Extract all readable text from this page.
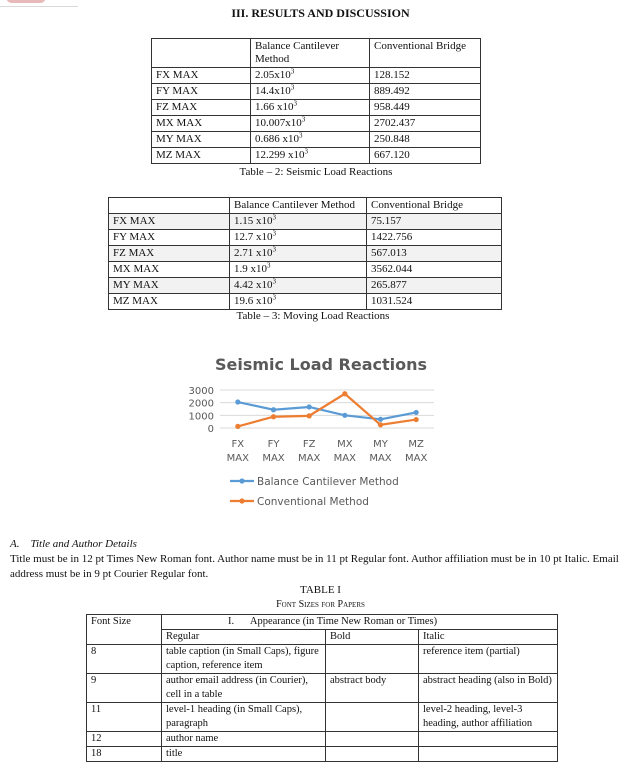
III. RESULTS AND DISCUSSION
	Balance Cantilever Method	Conventional Bridge
FX MAX	$2.05x10^3$	128.152
FY MAX	$14.4x10^3$	889.492
FZ MAX	1.66 $x10^3$	958.449
MX MAX	$10.007x10^3$	2702.437
MY MAX	0.686 $x10^3$	250.848
MZ MAX	12.299 $x10^3$	667.120
Table – 2: Seismic Load Reactions
	Balance Cantilever Method	Conventional Bridge
FX MAX	1.15 $x10^3$	75.157
FY MAX	12.7 $x10^3$	1422.756
FZ MAX	2.71 $x10^3$	567.013
MX MAX	1.9 $x10^3$	3562.044
MY MAX	4.42 $x10^3$	265.877
MZ MAX	19.6 $x10^3$	1031.524
Table – 3: Moving Load Reactions
Seismic Load Reactions
3000
2000
1000
0
FX
MAX
FY
MAX
FZ
MAX
MX
MAX
MY
MAX
MZ
MAX
Balance Cantilever Method
Conventional Method
A. Title and Author Details
Title must be in 12 pt Times New Roman font. Author name must be in 11 pt Regular font. Author affiliation must be in 10 pt Italic. Email address must be in 9 pt Courier Regular font.
TABLE I
Font Sizes for Papers
Font Size	I. Appearance (in Time New Roman or Times)		
	Regular	Bold	Italic
8	table caption (in Small Caps), figure caption, reference item		reference item (partial)
9	author email address (in Courier), cell in a table	abstract body	abstract heading (also in Bold)
11	level-1 heading (in Small Caps), paragraph		level-2 heading, level-3 heading, author affiliation
12	author name		
18	title		
